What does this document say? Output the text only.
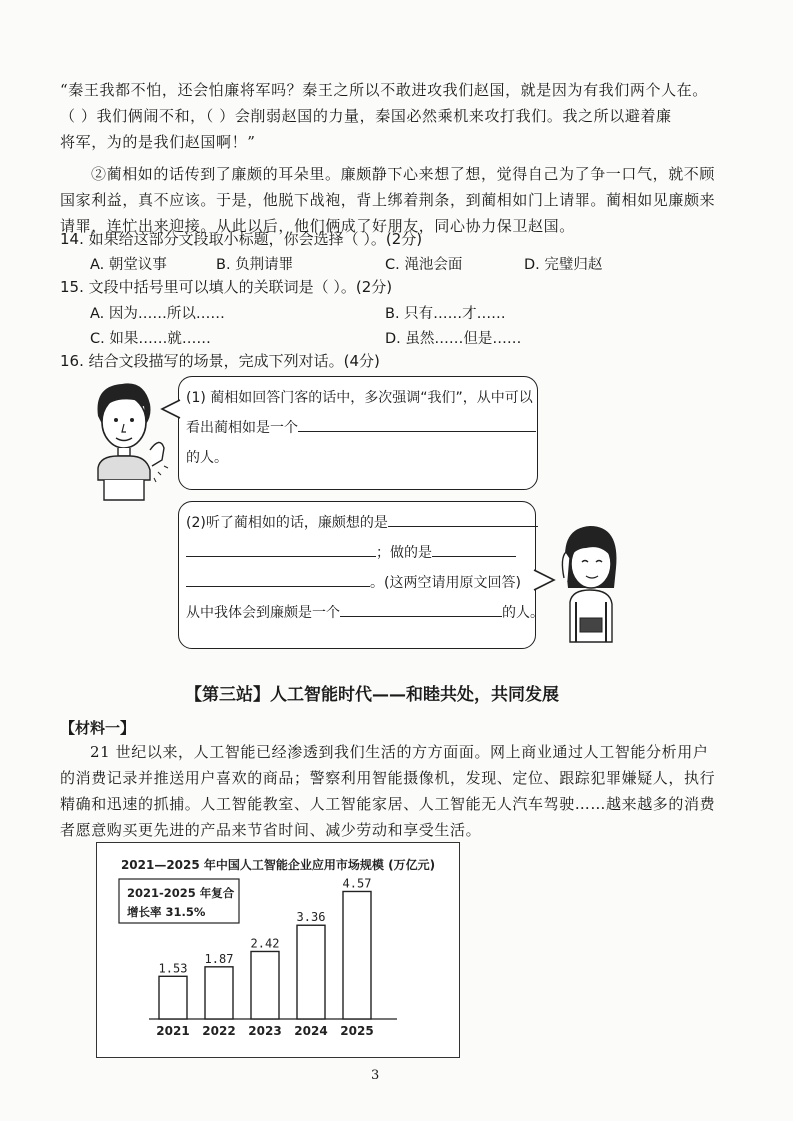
“秦王我都不怕，还会怕廉将军吗？秦王之所以不敢进攻我们赵国，就是因为有我们两个人在。
（ ）我们俩闹不和，（ ）会削弱赵国的力量，秦国必然乘机来攻打我们。我之所以避着廉
将军，为的是我们赵国啊！”
②蔺相如的话传到了廉颇的耳朵里。廉颇静下心来想了想，觉得自己为了争一口气，就不顾
国家利益，真不应该。于是，他脱下战袍，背上绑着荆条，到蔺相如门上请罪。蔺相如见廉颇来
请罪，连忙出来迎接。从此以后，他们俩成了好朋友，同心协力保卫赵国。
14. 如果给这部分文段取小标题，你会选择（ ）。(2分)
A. 朝堂议事	B. 负荆请罪	C. 渑池会面	D. 完璧归赵
15. 文段中括号里可以填人的关联词是（ ）。(2分)
A. 因为……所以……	B. 只有……才……
C. 如果……就……	D. 虽然……但是……
16. 结合文段描写的场景，完成下列对话。(4分)
(1) 蔺相如回答门客的话中，多次强调“我们”，从中可以
看出蔺相如是一个
的人。
(2)听了蔺相如的话，廉颇想的是
；做的是
。(这两空请用原文回答)
从中我体会到廉颇是一个	的人。
【第三站】人工智能时代——和睦共处，共同发展
【材料一】
21 世纪以来，人工智能已经渗透到我们生活的方方面面。网上商业通过人工智能分析用户
的消费记录并推送用户喜欢的商品；警察利用智能摄像机，发现、定位、跟踪犯罪嫌疑人，执行
精确和迅速的抓捕。人工智能教室、人工智能家居、人工智能无人汽车驾驶……越来越多的消费
者愿意购买更先进的产品来节省时间、减少劳动和享受生活。
2021—2025 年中国人工智能企业应用市场规模 (万亿元)
2021-2025 年复合
增长率 31.5%
1.53
2021
1.87
2022
2.42
2023
3.36
2024
4.57
2025
3
